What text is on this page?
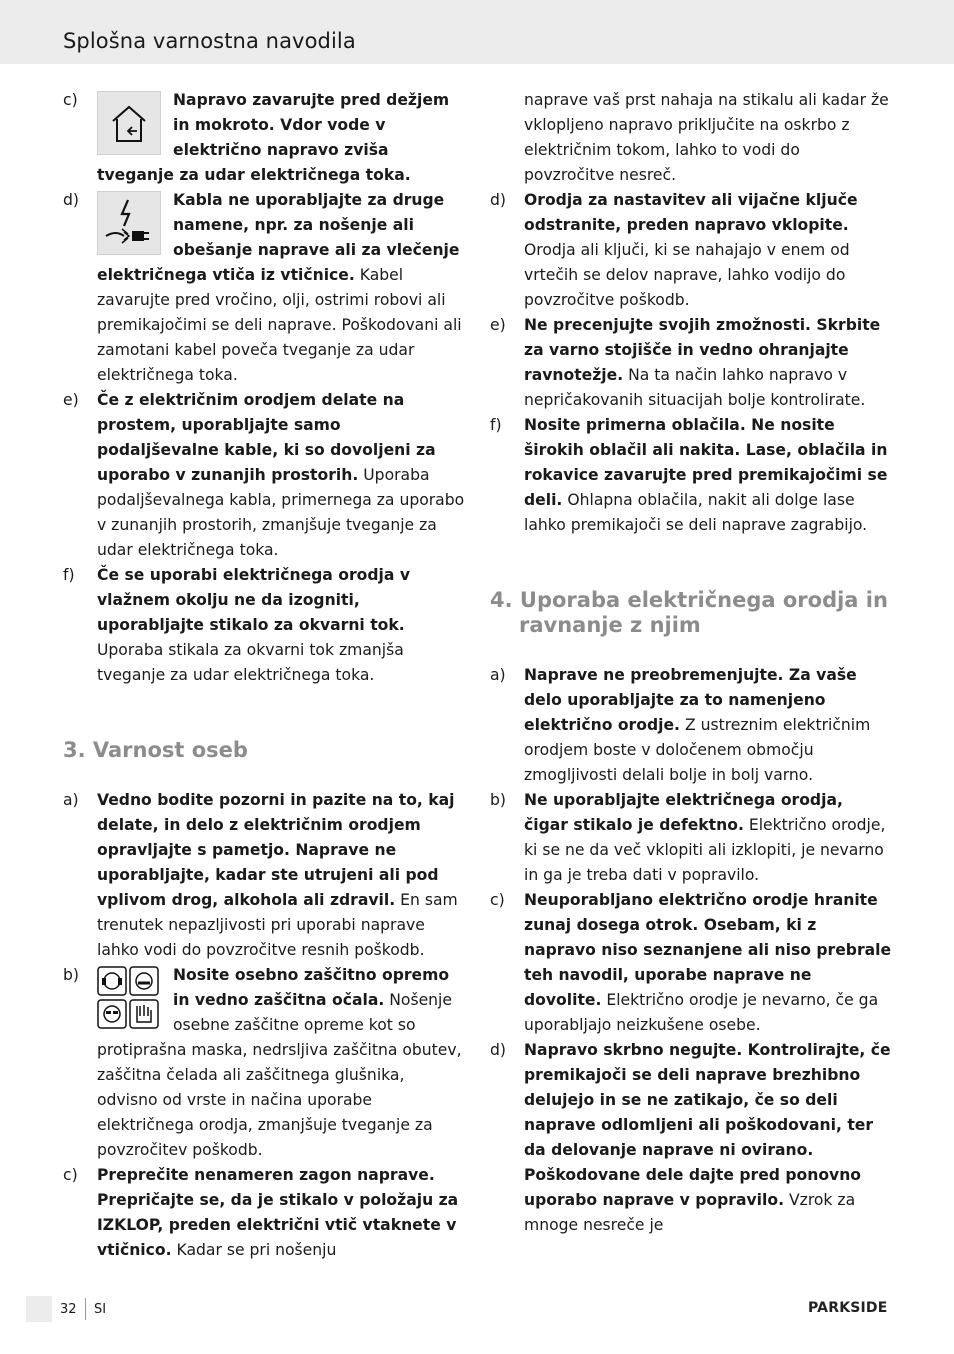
Splošna varnostna navodila
c)	Napravo zavarujte pred dežjem in mokroto. Vdor vode v električno napravo zviša tveganje za udar električnega toka.
d)	Kabla ne uporabljajte za druge namene, npr. za nošenje ali obešanje naprave ali za vlečenje električnega vtiča iz vtičnice. Kabel zavarujte pred vročino, olji, ostrimi robovi ali premikajočimi se deli naprave. Poškodovani ali zamotani kabel poveča tveganje za udar električnega toka.
e) Če z električnim orodjem delate na prostem, uporabljajte samo podaljševalne kable, ki so dovoljeni za uporabo v zunanjih prostorih. Uporaba podaljševalnega kabla, primernega za uporabo v zunanjih prostorih, zmanjšuje tveganje za udar električnega toka.
f) Če se uporabi električnega orodja v vlažnem okolju ne da izogniti, uporabljajte stikalo za okvarni tok. Uporaba stikala za okvarni tok zmanjša tveganje za udar električnega toka.
3. Varnost oseb
a) Vedno bodite pozorni in pazite na to, kaj delate, in delo z električnim orodjem opravljajte s pametjo. Naprave ne uporabljajte, kadar ste utrujeni ali pod vplivom drog, alkohola ali zdravil. En sam trenutek nepazljivosti pri uporabi naprave lahko vodi do povzročitve resnih poškodb.
b)	Nosite osebno zaščitno opremo in vedno zaščitna očala. Nošenje osebne zaščitne opreme kot so protiprašna maska, nedrsljiva zaščitna obutev, zaščitna čelada ali zaščitnega glušnika, odvisno od vrste in načina uporabe električnega orodja, zmanjšuje tveganje za povzročitev poškodb.
c) Preprečite nenameren zagon naprave. Prepričajte se, da je stikalo v položaju za IZKLOP, preden električni vtič vtaknete v vtičnico. Kadar se pri nošenju
naprave vaš prst nahaja na stikalu ali kadar že vklopljeno napravo priključite na oskrbo z električnim tokom, lahko to vodi do povzročitve nesreč.
d) Orodja za nastavitev ali vijačne ključe odstranite, preden napravo vklopite. Orodja ali ključi, ki se nahajajo v enem od vrtečih se delov naprave, lahko vodijo do povzročitve poškodb.
e) Ne precenjujte svojih zmožnosti. Skrbite za varno stojišče in vedno ohranjajte ravnotežje. Na ta način lahko napravo v nepričakovanih situacijah bolje kontrolirate.
f) Nosite primerna oblačila. Ne nosite širokih oblačil ali nakita. Lase, oblačila in rokavice zavarujte pred premikajočimi se deli. Ohlapna oblačila, nakit ali dolge lase lahko premikajoči se deli naprave zagrabijo.
4. Uporaba električnega orodja in ravnanje z njim
a) Naprave ne preobremenjujte. Za vaše delo uporabljajte za to namenjeno električno orodje. Z ustreznim električnim orodjem boste v določenem območju zmogljivosti delali bolje in bolj varno.
b) Ne uporabljajte električnega orodja, čigar stikalo je defektno. Električno orodje, ki se ne da več vklopiti ali izklopiti, je nevarno in ga je treba dati v popravilo.
c) Neuporabljano električno orodje hranite zunaj dosega otrok. Osebam, ki z napravo niso seznanjene ali niso prebrale teh navodil, uporabe naprave ne dovolite. Električno orodje je nevarno, če ga uporabljajo neizkušene osebe.
d) Napravo skrbno negujte. Kontrolirajte, če premikajoči se deli naprave brezhibno delujejo in se ne zatikajo, če so deli naprave odlomljeni ali poškodovani, ter da delovanje naprave ni ovirano. Poškodovane dele dajte pred ponovno uporabo naprave v popravilo. Vzrok za mnoge nesreče je
32 SI	PARKSIDE
